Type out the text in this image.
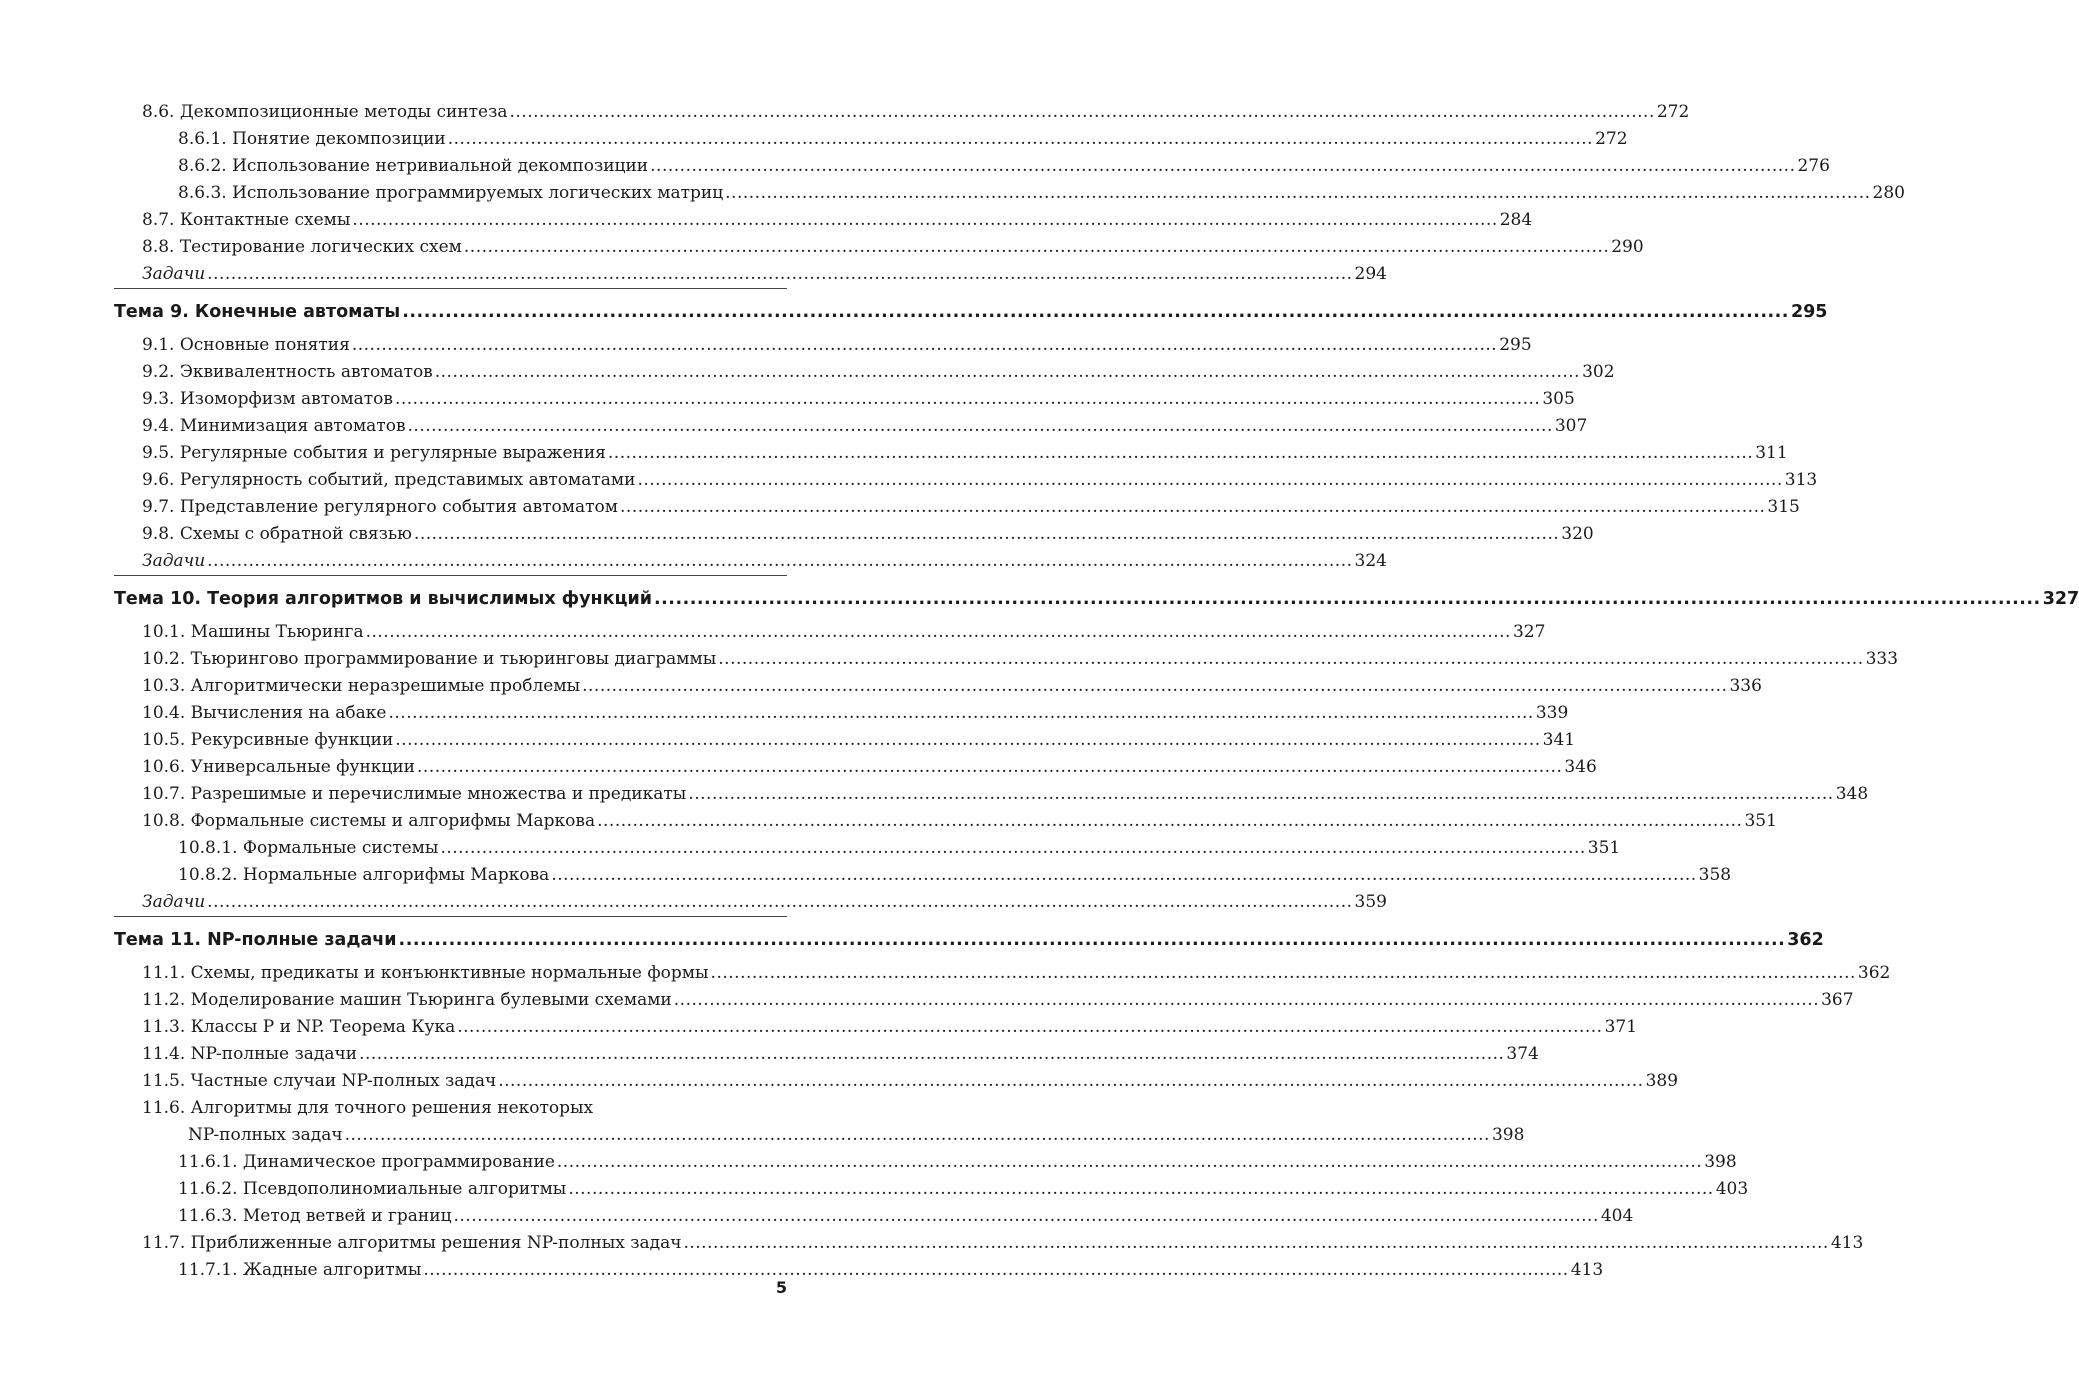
8.6. Декомпозиционные методы синтеза .....	272
8.6.1. Понятие декомпозиции .....	272
8.6.2. Использование нетривиальной декомпозиции .....	276
8.6.3. Использование программируемых логических матриц .....	280
8.7. Контактные схемы .....	284
8.8. Тестирование логических схем .....	290
Задачи .....	294
Тема 9. Конечные автоматы .....	295
9.1. Основные понятия .....	295
9.2. Эквивалентность автоматов .....	302
9.3. Изоморфизм автоматов .....	305
9.4. Минимизация автоматов .....	307
9.5. Регулярные события и регулярные выражения .....	311
9.6. Регулярность событий, представимых автоматами .....	313
9.7. Представление регулярного события автоматом .....	315
9.8. Схемы с обратной связью .....	320
Задачи .....	324
Тема 10. Теория алгоритмов и вычислимых функций .....	327
10.1. Машины Тьюринга .....	327
10.2. Тьюрингово программирование и тьюринговы диаграммы .....	333
10.3. Алгоритмически неразрешимые проблемы .....	336
10.4. Вычисления на абаке .....	339
10.5. Рекурсивные функции .....	341
10.6. Универсальные функции .....	346
10.7. Разрешимые и перечислимые множества и предикаты .....	348
10.8. Формальные системы и алгорифмы Маркова .....	351
10.8.1. Формальные системы .....	351
10.8.2. Нормальные алгорифмы Маркова .....	358
Задачи .....	359
Тема 11. NP-полные задачи .....	362
11.1. Схемы, предикаты и конъюнктивные нормальные формы .....	362
11.2. Моделирование машин Тьюринга булевыми схемами .....	367
11.3. Классы P и NP. Теорема Кука .....	371
11.4. NP-полные задачи .....	374
11.5. Частные случаи NP-полных задач .....	389
11.6. Алгоритмы для точного решения некоторых
NP-полных задач .....	398
11.6.1. Динамическое программирование .....	398
11.6.2. Псевдополиномиальные алгоритмы .....	403
11.6.3. Метод ветвей и границ .....	404
11.7. Приближенные алгоритмы решения NP-полных задач .....	413
11.7.1. Жадные алгоритмы .....	413
5
